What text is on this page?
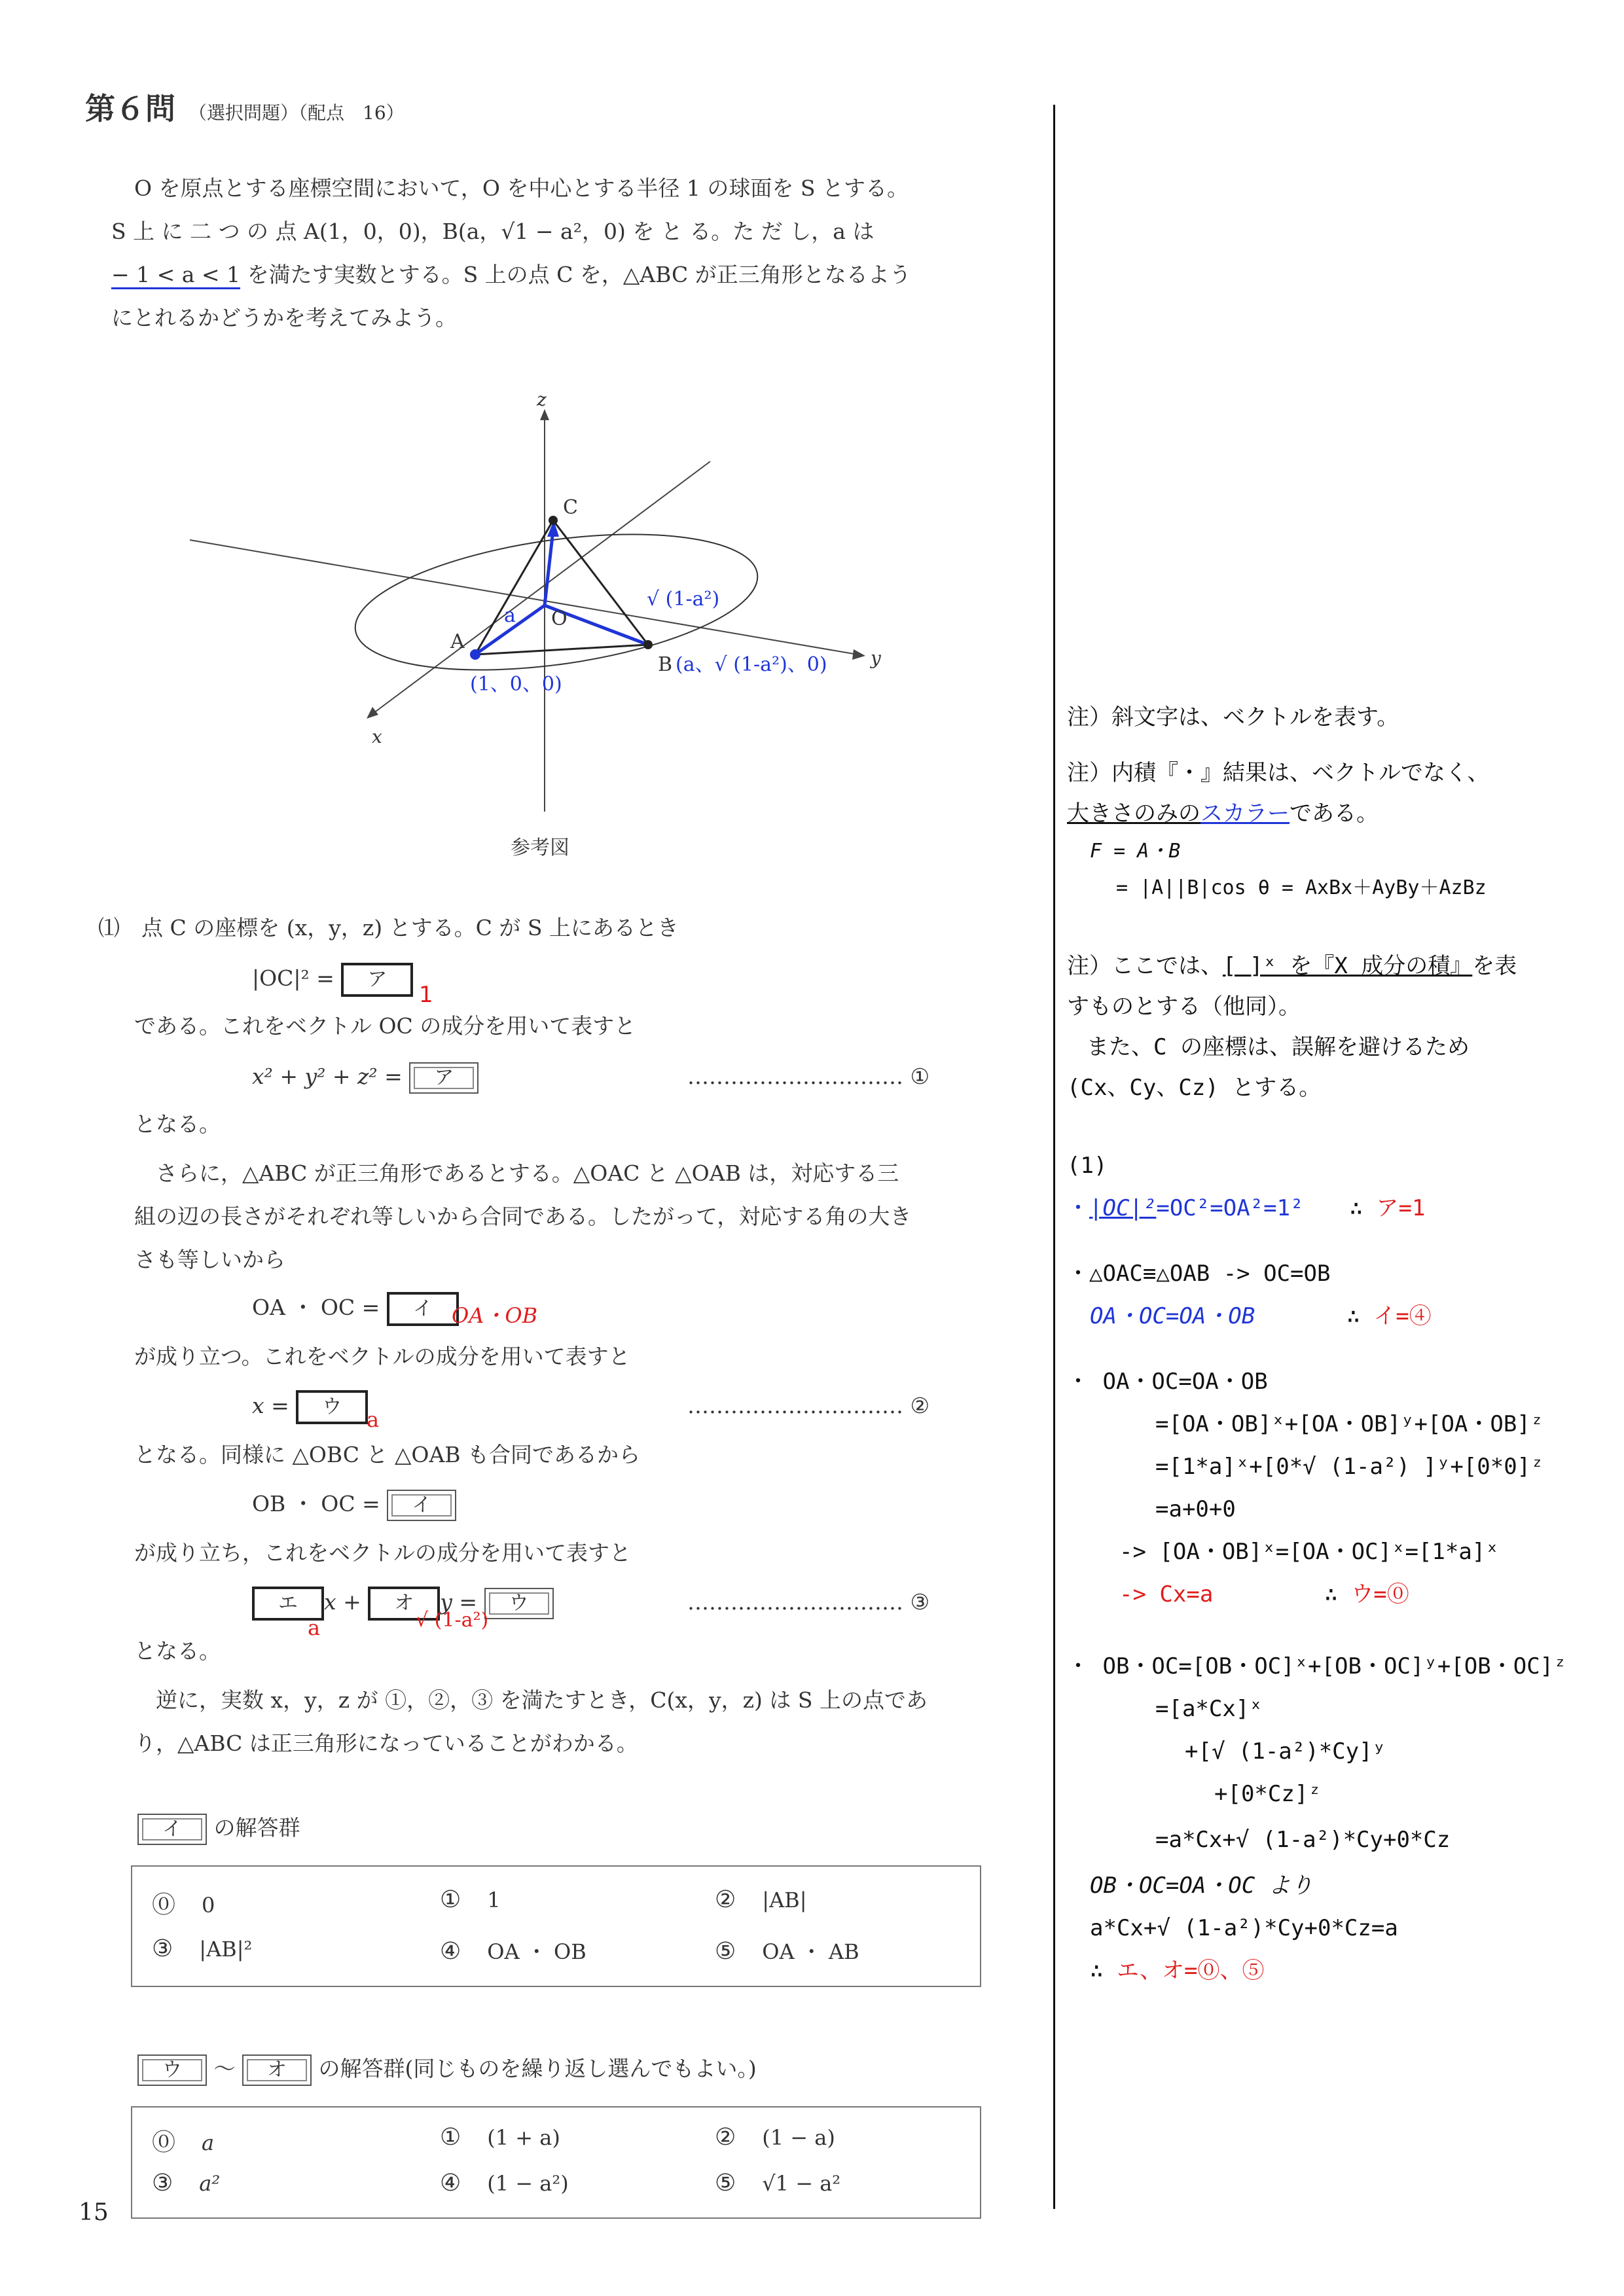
第６問 （選択問題）（配点　16）
O を原点とする座標空間において，O を中心とする半径 1 の球面を S とする。
S 上 に 二 つ の 点 A(1，0，0)，B(a，√1 − a²，0) を と る。た だ し，a は
− 1 < a < 1 を満たす実数とする。S 上の点 C を，△ABC が正三角形となるよう
にとれるかどうかを考えてみよう。
z
y
x
C
O
A
B
a
√ (1-a²)
(1、0、0)
(a、√ (1-a²)、0)
参考図
⑴　 点 C の座標を (x，y，z) とする。C が S 上にあるとき
|OC|² = ア
1
である。これをベクトル OC の成分を用いて表すと
x² + y² + z² = ア	………………………… ①
となる。
さらに，△ABC が正三角形であるとする。△OAC と △OAB は，対応する三
組の辺の長さがそれぞれ等しいから合同である。したがって，対応する角の大き
さも等しいから
OA ・ OC = イ OA・OB
が成り立つ。これをベクトルの成分を用いて表すと
x = ウ
a
………………………… ②
となる。同様に △OBC と △OAB も合同であるから
OB ・ OC = イ
が成り立ち，これをベクトルの成分を用いて表すと
エ x + オ y = ウ
a	√ (1-a²)
………………………… ③
となる。
逆に，実数 x，y，z が ①，②，③ を満たすとき，C(x，y，z) は S 上の点であ
り，△ABC は正三角形になっていることがわかる。
イ の解答群
⓪ 0	① 1	② |AB|
③ |AB|²	④ OA ・ OB	⑤ OA ・ AB
ウ 〜 オ の解答群(同じものを繰り返し選んでもよい。)
⓪ a	① (1 + a)	② (1 − a)
③ a²	④ (1 − a²)	⑤ √1 − a²
15
注）斜文字は、ベクトルを表す。
注）内積『・』結果は、ベクトルでなく、
大きさのみのスカラーである。
F = A・B
= |A||B|cos θ = AxBx＋AyBy＋AzBz
注）ここでは、[ ]ˣ を『X 成分の積』を表
すものとする（他同）。
また、C の座標は、誤解を避けるため
(Cx、Cy、Cz) とする。
(1)
・|OC|²=OC²=OA²=1² ∴ ア=1
・△OAC≡△OAB -> OC=OB
OA・OC=OA・OB	∴ イ=④
・ OA・OC=OA・OB
=[OA・OB]ˣ+[OA・OB]ʸ+[OA・OB]ᶻ
=[1*a]ˣ+[0*√ (1-a²) ]ʸ+[0*0]ᶻ
=a+0+0
-> [OA・OB]ˣ=[OA・OC]ˣ=[1*a]ˣ
-> Cx=a	∴ ウ=⓪
・ OB・OC=[OB・OC]ˣ+[OB・OC]ʸ+[OB・OC]ᶻ
=[a*Cx]ˣ
+[√ (1-a²)*Cy]ʸ
+[0*Cz]ᶻ
=a*Cx+√ (1-a²)*Cy+0*Cz
OB・OC=OA・OC より
a*Cx+√ (1-a²)*Cy+0*Cz=a
∴ エ、オ=⓪、⑤
